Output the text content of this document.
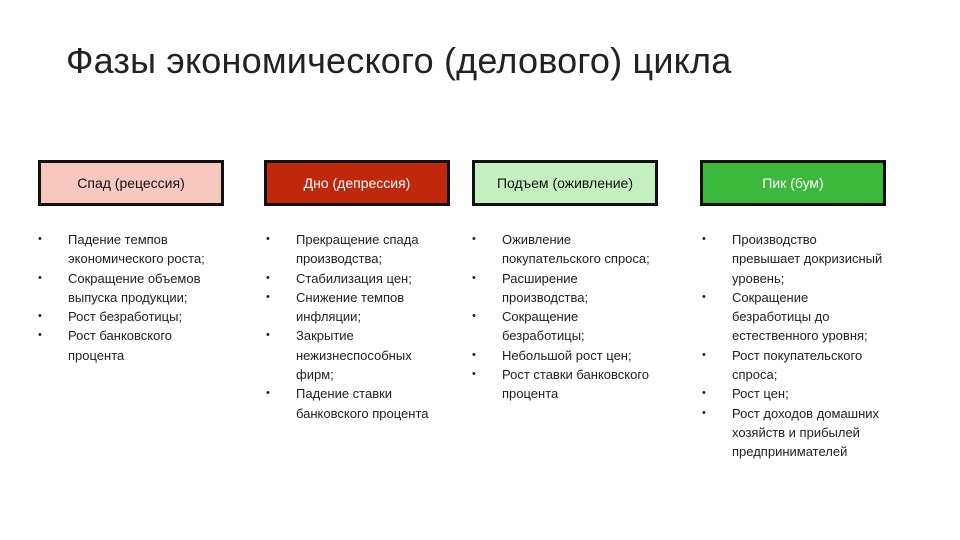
Фазы экономического (делового) цикла
Спад (рецессия)
• Падение темпов экономического роста;
• Сокращение объемов выпуска продукции;
• Рост безработицы;
• Рост банковского процента
Дно (депрессия)
• Прекращение спада производства;
• Стабилизация цен;
• Снижение темпов инфляции;
• Закрытие нежизнеспособных фирм;
• Падение ставки банковского процента
Подъем (оживление)
• Оживление покупательского спроса;
• Расширение производства;
• Сокращение безработицы;
• Небольшой рост цен;
• Рост ставки банковского процента
Пик (бум)
• Производство превышает докризисный уровень;
• Сокращение безработицы до естественного уровня;
• Рост покупательского спроса;
• Рост цен;
• Рост доходов домашних хозяйств и прибылей предпринимателей
